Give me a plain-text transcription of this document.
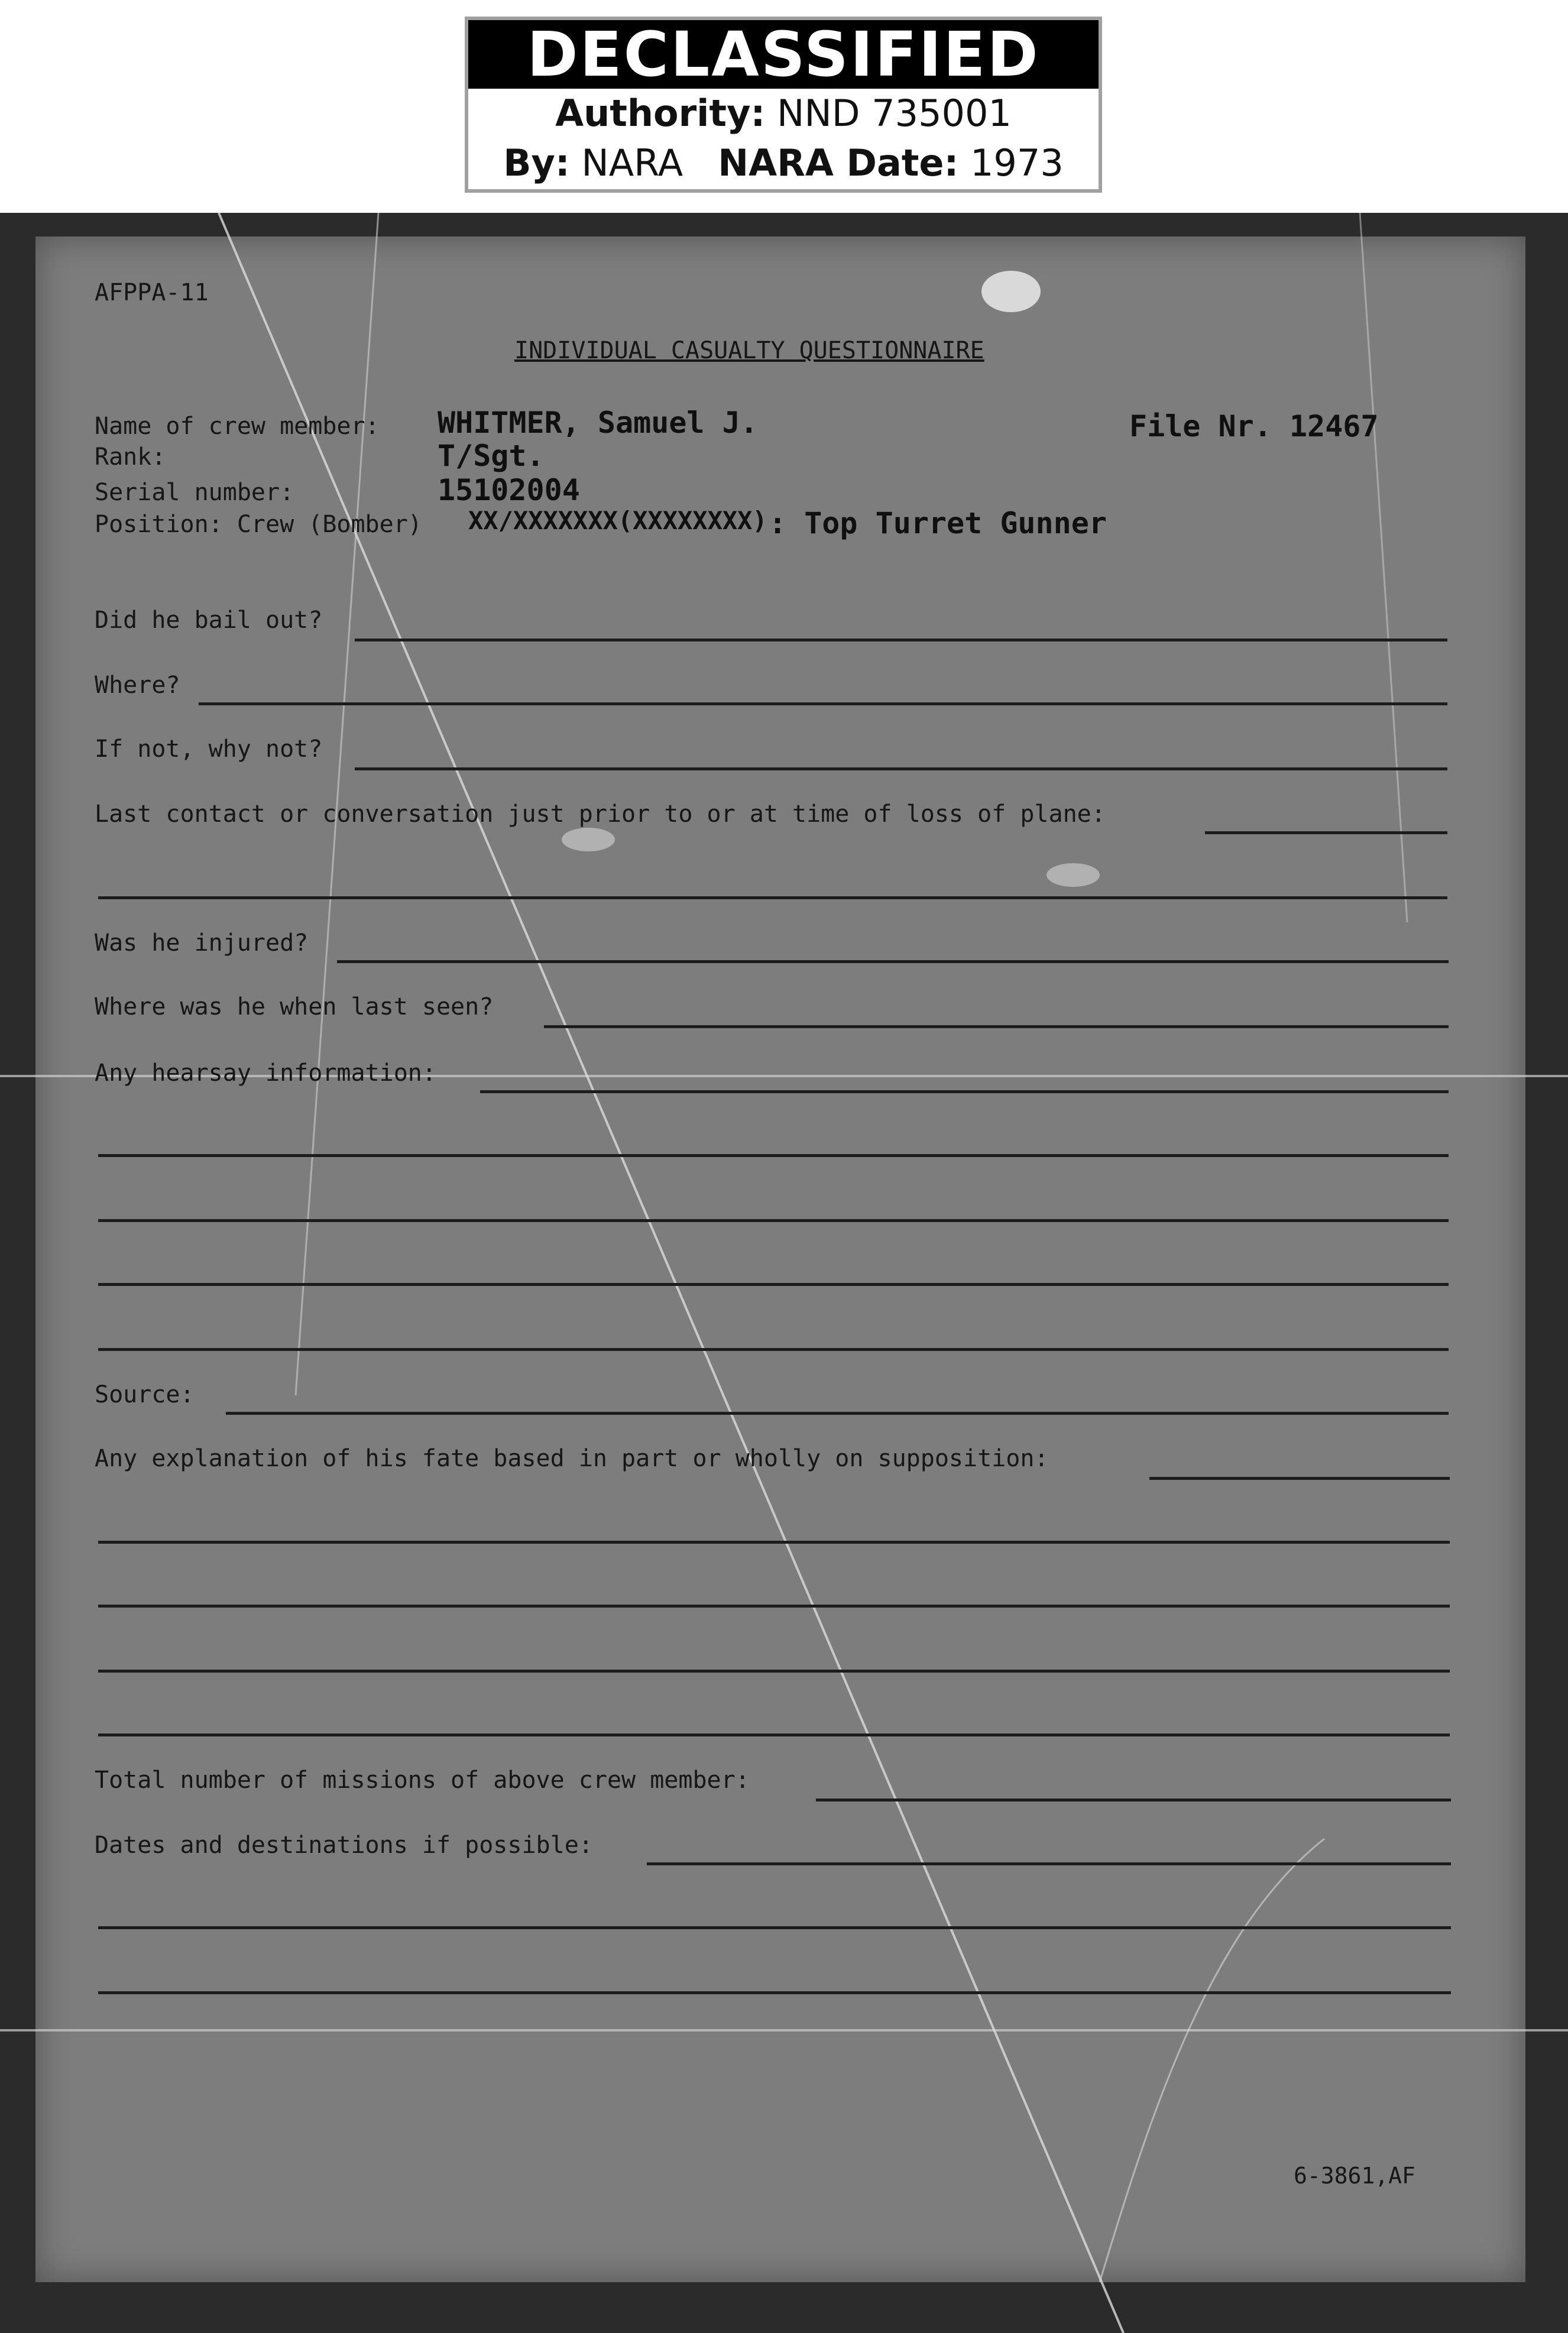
DECLASSIFIED
Authority: NND 735001
By: NARA NARA Date: 1973
AFPPA-11
INDIVIDUAL CASUALTY QUESTIONNAIRE
Name of crew member: WHITMER, Samuel J.	File Nr. 12467
Rank:	T/Sgt.
Serial number:	15102004
Position: Crew (Bomber) XX/XXXXXXX(XXXXXXXX) : Top Turret Gunner
Did he bail out?
Where?
If not, why not?
Last contact or conversation just prior to or at time of loss of plane:
Was he injured?
Where was he when last seen?
Any hearsay information:
Source:
Any explanation of his fate based in part or wholly on supposition:
Total number of missions of above crew member:
Dates and destinations if possible:
6-3861,AF
